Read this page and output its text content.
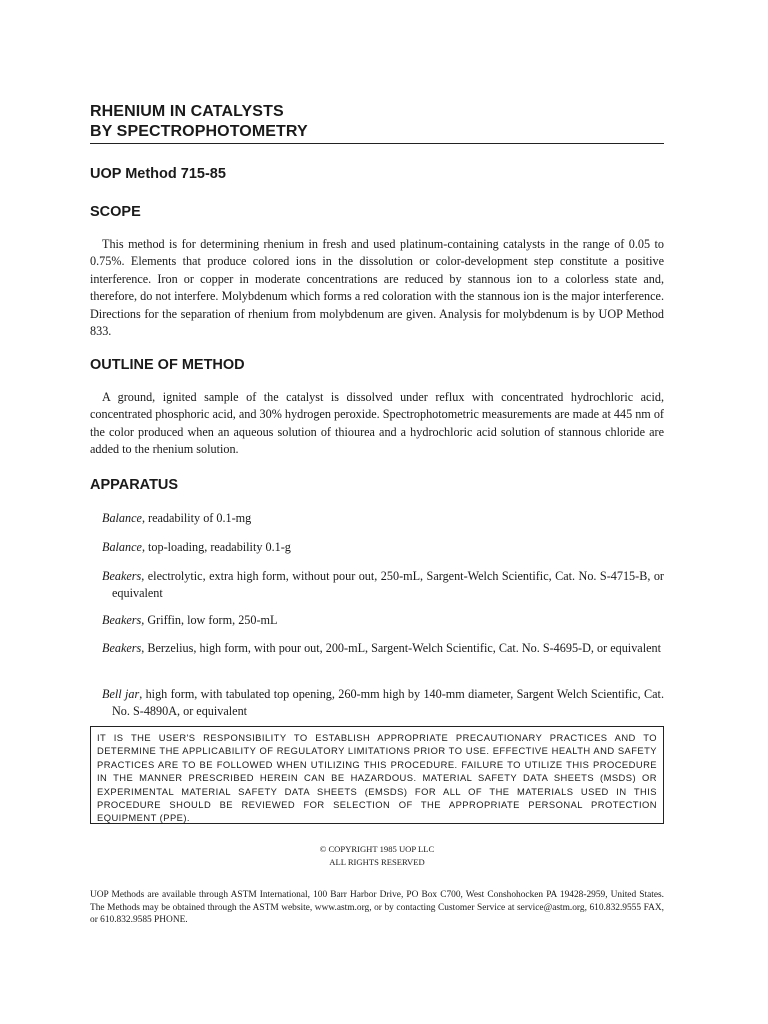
RHENIUM IN CATALYSTS
BY SPECTROPHOTOMETRY
UOP Method 715-85
SCOPE

This method is for determining rhenium in fresh and used platinum-containing catalysts in the range of 0.05 to 0.75%. Elements that produce colored ions in the dissolution or color-development step constitute a positive interference. Iron or copper in moderate concentrations are reduced by stannous ion to a colorless state and, therefore, do not interfere. Molybdenum which forms a red coloration with the stannous ion is the major interference. Directions for the separation of rhenium from molybdenum are given. Analysis for molybdenum is by UOP Method 833.

OUTLINE OF METHOD

A ground, ignited sample of the catalyst is dissolved under reflux with concentrated hydrochloric acid, concentrated phosphoric acid, and 30% hydrogen peroxide. Spectrophotometric measurements are made at 445 nm of the color produced when an aqueous solution of thiourea and a hydrochloric acid solution of stannous chloride are added to the rhenium solution.

APPARATUS
Balance, readability of 0.1-mg
Balance, top-loading, readability 0.1-g
Beakers, electrolytic, extra high form, without pour out, 250-mL, Sargent-Welch Scientific, Cat. No. S-4715-B, or equivalent
Beakers, Griffin, low form, 250-mL
Beakers, Berzelius, high form, with pour out, 200-mL, Sargent-Welch Scientific, Cat. No. S-4695-D, or equivalent
Bell jar, high form, with tabulated top opening, 260-mm high by 140-mm diameter, Sargent Welch Scientific, Cat. No. S-4890A, or equivalent
IT IS THE USER'S RESPONSIBILITY TO ESTABLISH APPROPRIATE PRECAUTIONARY PRACTICES AND TO DETERMINE THE APPLICABILITY OF REGULATORY LIMITATIONS PRIOR TO USE. EFFECTIVE HEALTH AND SAFETY PRACTICES ARE TO BE FOLLOWED WHEN UTILIZING THIS PROCEDURE. FAILURE TO UTILIZE THIS PROCEDURE IN THE MANNER PRESCRIBED HEREIN CAN BE HAZARDOUS. MATERIAL SAFETY DATA SHEETS (MSDS) OR EXPERIMENTAL MATERIAL SAFETY DATA SHEETS (EMSDS) FOR ALL OF THE MATERIALS USED IN THIS PROCEDURE SHOULD BE REVIEWED FOR SELECTION OF THE APPROPRIATE PERSONAL PROTECTION EQUIPMENT (PPE).
© COPYRIGHT 1985 UOP LLC
ALL RIGHTS RESERVED
UOP Methods are available through ASTM International, 100 Barr Harbor Drive, PO Box C700, West Conshohocken PA 19428-2959, United States. The Methods may be obtained through the ASTM website, www.astm.org, or by contacting Customer Service at service@astm.org, 610.832.9555 FAX, or 610.832.9585 PHONE.
